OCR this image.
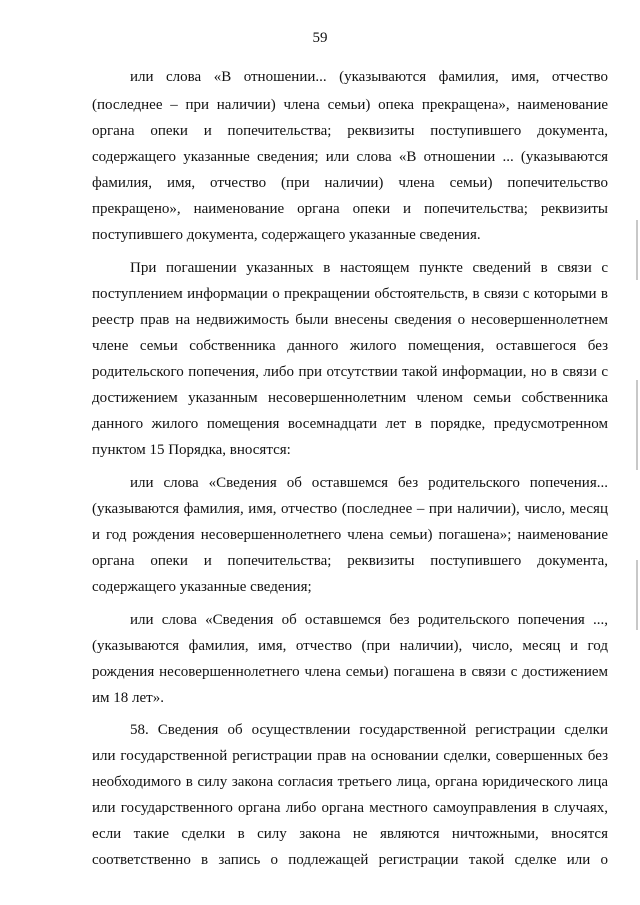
59
или слова «В отношении... (указываются фамилия, имя, отчество
(последнее – при наличии) члена семьи) опека прекращена», наименование
органа опеки и попечительства; реквизиты поступившего документа,
содержащего указанные сведения; или слова «В отношении ... (указываются
фамилия, имя, отчество (при наличии) члена семьи) попечительство
прекращено», наименование органа опеки и попечительства; реквизиты
поступившего документа, содержащего указанные сведения.
При погашении указанных в настоящем пункте сведений в связи с
поступлением информации о прекращении обстоятельств, в связи с которыми в
реестр прав на недвижимость были внесены сведения о несовершеннолетнем
члене семьи собственника данного жилого помещения, оставшегося без
родительского попечения, либо при отсутствии такой информации, но в связи с
достижением указанным несовершеннолетним членом семьи собственника
данного жилого помещения восемнадцати лет в порядке, предусмотренном
пунктом 15 Порядка, вносятся:
или слова «Сведения об оставшемся без родительского попечения...
(указываются фамилия, имя, отчество (последнее – при наличии), число, месяц
и год рождения несовершеннолетнего члена семьи) погашена»; наименование
органа опеки и попечительства; реквизиты поступившего документа,
содержащего указанные сведения;
или слова «Сведения об оставшемся без родительского попечения ...,
(указываются фамилия, имя, отчество (при наличии), число, месяц и год
рождения несовершеннолетнего члена семьи) погашена в связи с достижением
им 18 лет».
58. Сведения об осуществлении государственной регистрации сделки
или государственной регистрации прав на основании сделки, совершенных без
необходимого в силу закона согласия третьего лица, органа юридического лица
или государственного органа либо органа местного самоуправления в случаях,
если такие сделки в силу закона не являются ничтожными, вносятся
соответственно в запись о подлежащей регистрации такой сделке или о
